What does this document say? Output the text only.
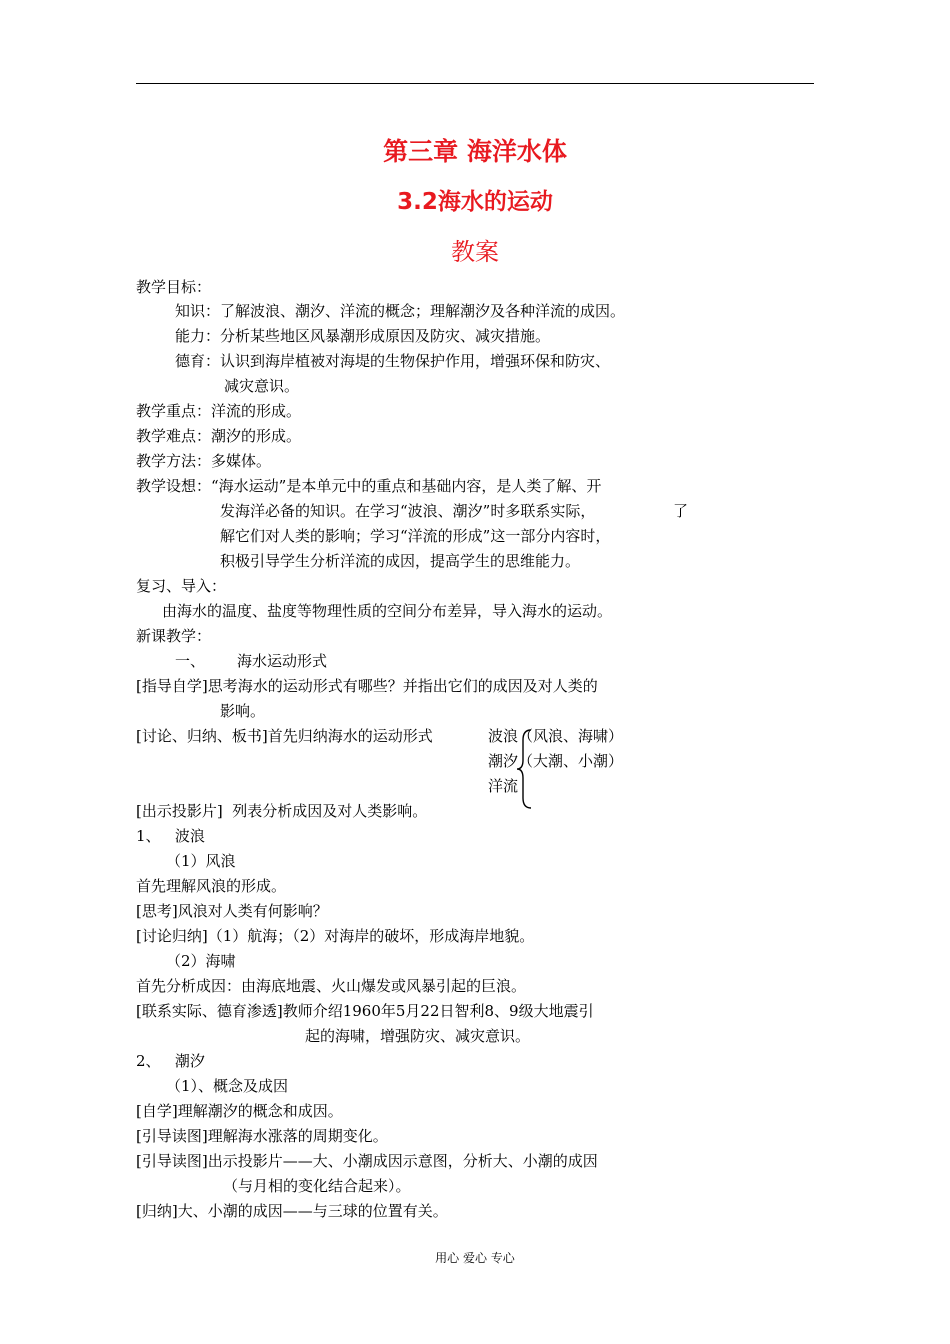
第三章 海洋水体
3.2海水的运动
教案
教学目标：
知识：了解波浪、潮汐、洋流的概念；理解潮汐及各种洋流的成因。
能力：分析某些地区风暴潮形成原因及防灾、减灾措施。
德育：认识到海岸植被对海堤的生物保护作用，增强环保和防灾、
减灾意识。
教学重点：洋流的形成。
教学难点：潮汐的形成。
教学方法：多媒体。
教学设想：“海水运动”是本单元中的重点和基础内容，是人类了解、开
发海洋必备的知识。在学习“波浪、潮汐”时多联系实际，	了
解它们对人类的影响；学习“洋流的形成”这一部分内容时，
积极引导学生分析洋流的成因，提高学生的思维能力。
复习、导入：
由海水的温度、盐度等物理性质的空间分布差异，导入海水的运动。
新课教学：
一、 海水运动形式
[指导自学]思考海水的运动形式有哪些？并指出它们的成因及对人类的
影响。
[讨论、归纳、板书]首先归纳海水的运动形式	波浪（风浪、海啸）
潮汐（大潮、小潮）
洋流
[出示投影片]  列表分析成因及对人类影响。
1、   波浪
（1）风浪
首先理解风浪的形成。
[思考]风浪对人类有何影响？
[讨论归纳]（1）航海；（2）对海岸的破坏，形成海岸地貌。
（2）海啸
首先分析成因：由海底地震、火山爆发或风暴引起的巨浪。
[联系实际、德育渗透]教师介绍1960年5月22日智利8、9级大地震引
起的海啸，增强防灾、减灾意识。
2、   潮汐
（1）、概念及成因
[自学]理解潮汐的概念和成因。
[引导读图]理解海水涨落的周期变化。
[引导读图]出示投影片——大、小潮成因示意图，分析大、小潮的成因
（与月相的变化结合起来）。
[归纳]大、小潮的成因——与三球的位置有关。
用心 爱心 专心
